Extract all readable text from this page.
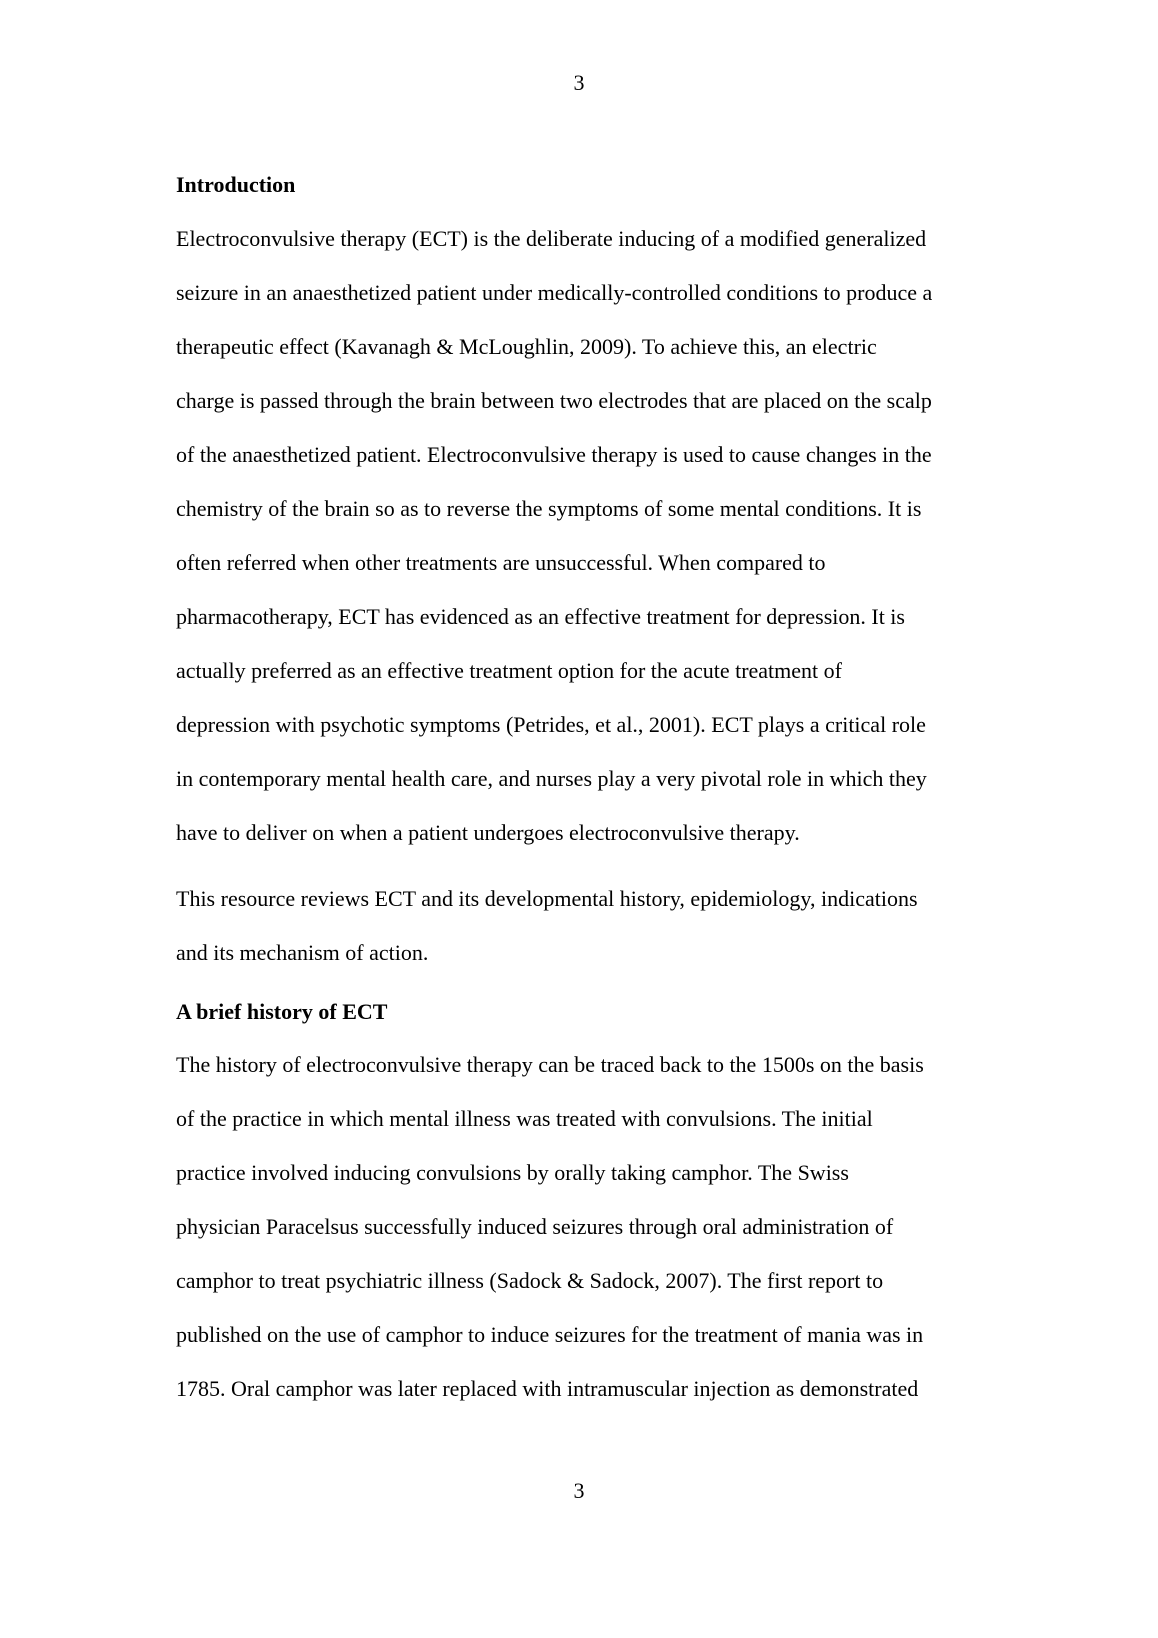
3
Introduction
Electroconvulsive therapy (ECT) is the deliberate inducing of a modified generalized
seizure in an anaesthetized patient under medically-controlled conditions to produce a
therapeutic effect (Kavanagh & McLoughlin, 2009). To achieve this, an electric
charge is passed through the brain between two electrodes that are placed on the scalp
of the anaesthetized patient. Electroconvulsive therapy is used to cause changes in the
chemistry of the brain so as to reverse the symptoms of some mental conditions. It is
often referred when other treatments are unsuccessful. When compared to
pharmacotherapy, ECT has evidenced as an effective treatment for depression. It is
actually preferred as an effective treatment option for the acute treatment of
depression with psychotic symptoms (Petrides, et al., 2001). ECT plays a critical role
in contemporary mental health care, and nurses play a very pivotal role in which they
have to deliver on when a patient undergoes electroconvulsive therapy.
This resource reviews ECT and its developmental history, epidemiology, indications
and its mechanism of action.
A brief history of ECT
The history of electroconvulsive therapy can be traced back to the 1500s on the basis
of the practice in which mental illness was treated with convulsions. The initial
practice involved inducing convulsions by orally taking camphor. The Swiss
physician Paracelsus successfully induced seizures through oral administration of
camphor to treat psychiatric illness (Sadock & Sadock, 2007). The first report to
published on the use of camphor to induce seizures for the treatment of mania was in
1785. Oral camphor was later replaced with intramuscular injection as demonstrated
3
